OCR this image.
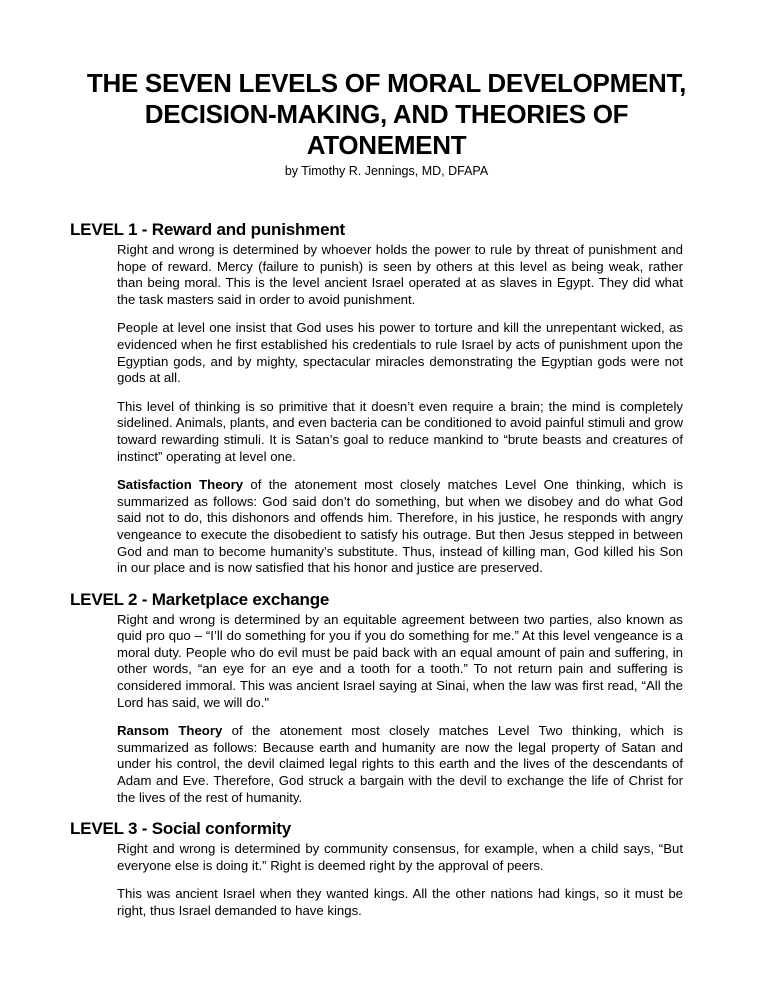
THE SEVEN LEVELS OF MORAL DEVELOPMENT,
DECISION-MAKING, AND THEORIES OF ATONEMENT
by Timothy R. Jennings, MD, DFAPA
LEVEL 1 - Reward and punishment

Right and wrong is determined by whoever holds the power to rule by threat of punishment and hope of reward. Mercy (failure to punish) is seen by others at this level as being weak, rather than being moral. This is the level ancient Israel operated at as slaves in Egypt. They did what the task masters said in order to avoid punishment.

People at level one insist that God uses his power to torture and kill the unrepentant wicked, as evidenced when he first established his credentials to rule Israel by acts of punishment upon the Egyptian gods, and by mighty, spectacular miracles demonstrating the Egyptian gods were not gods at all.

This level of thinking is so primitive that it doesn’t even require a brain; the mind is completely sidelined. Animals, plants, and even bacteria can be conditioned to avoid painful stimuli and grow toward rewarding stimuli. It is Satan’s goal to reduce mankind to “brute beasts and creatures of instinct” operating at level one.

Satisfaction Theory of the atonement most closely matches Level One thinking, which is summarized as follows: God said don’t do something, but when we disobey and do what God said not to do, this dishonors and offends him. Therefore, in his justice, he responds with angry vengeance to execute the disobedient to satisfy his outrage. But then Jesus stepped in between God and man to become humanity’s substitute. Thus, instead of killing man, God killed his Son in our place and is now satisfied that his honor and justice are preserved.

LEVEL 2 - Marketplace exchange

Right and wrong is determined by an equitable agreement between two parties, also known as quid pro quo – “I’ll do something for you if you do something for me.” At this level vengeance is a moral duty. People who do evil must be paid back with an equal amount of pain and suffering, in other words, “an eye for an eye and a tooth for a tooth.” To not return pain and suffering is considered immoral. This was ancient Israel saying at Sinai, when the law was first read, “All the Lord has said, we will do."

Ransom Theory of the atonement most closely matches Level Two thinking, which is summarized as follows: Because earth and humanity are now the legal property of Satan and under his control, the devil claimed legal rights to this earth and the lives of the descendants of Adam and Eve. Therefore, God struck a bargain with the devil to exchange the life of Christ for the lives of the rest of humanity.

LEVEL 3 - Social conformity

Right and wrong is determined by community consensus, for example, when a child says, “But everyone else is doing it.” Right is deemed right by the approval of peers.

This was ancient Israel when they wanted kings. All the other nations had kings, so it must be right, thus Israel demanded to have kings.
